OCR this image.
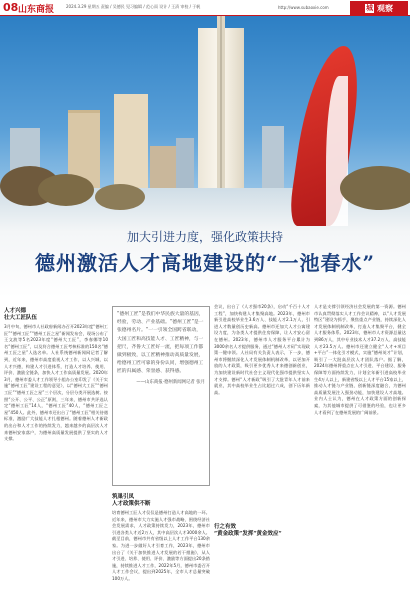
08 山东商报	2024.3.29 星期五 责编 / 吴德民 见习编辑 / 范心雨 设计 / 王清 审校 / 于帆	http://www.subaoxie.com	城 观察
加大引进力度，强化政策扶持
德州激活人才高地建设的“一池春水”
人才兴德
壮大工匠队伍
3月中旬，德州市人社政府新闻办召开2023年度“德州工匠”“德州工匠”“德州工匠之星”新闻发布会，现场公布了王文波等5名2023年度“德州大工匠”，李春娜等10名“德州工匠”，以及符合德州工匠考核标准的150名“德州工匠之星”人选名单。人社系统德州新闻网记者了解到，近年来，德州市高度重视人才工作，以人兴城，以人才兴德，构建人才引进体系，打造人才培养、使用、评价、激励全链条，加快人才工作高质量发展。2020年3月，德州市委人才工作领导小组办公室印发了《关于实施“德州工匠”建设工程的意见》，以“德州大工匠”“德州工匠”“德州工匠之星”三个层次，分层分类开展选树。按照“公开、公平、公正”原则，三年来，德州市共评选认定“德州工匠”14人，“德州工匠”40人，“德州工匠之星”450人。此外，德州市还出台了“德州工匠”相关待遇标准，激励广大技能人才扎根德州。随着德州人才新政的出台和人才工作的持续发力，越来越多的高层次人才来德州安家落户，为德州高质量发展提供了坚实的人才支撑。
“德州工匠”是我们中华民族大量的基因，经验，劳动、产业基础。“德州工匠”是一张德州名片。“一一引领全国跨省联动，大国工匠和高技能人才、工匠精神，与一把尺，齐鲁大工匠好一流，把每项工作都做到极致，以工匠精神推动高质量发展，给德州工匠可靠的身份认同，增强德州工匠的归属感、荣誉感、获得感。
——山东商报·德州新闻网记者 张月
筑巢引凤
人才政策供不断
培育德州工匠人才仅仅是德州打造人才高地的一环。近年来，德州市大力实施人才强市战略，围绕经济社会发展需求，人才政策持续发力，2023年，德州市引进各类人才近2万人，其中高层次人才3000余人。截至目前，德州市共有省级以上人才工作平台130余家。为进一步做好人才引育工作，2023年，德州市出台了《关于加快推进人才发展的若干措施》，从人才引进、培养、使用、评价、激励等方面提出20条措施，持续推进人才工作，2022年5月，德州市委召开人才工作会议，提出到2025年，全市人才总量突破100万人。
会议，出台了《人才强市20条》，启动“千百十人才工程”，加快构建人才集聚高地。2023年，德州市新引进高校毕业生3.6万人、技能人才2.1万人，引进人才数量创历史新高。德州市还加大人才公寓建设力度，为各类人才提供住房保障，让人才安心留在德州。2023年，德州市人才服务平台累计为3000余名人才提供服务，通过“德州人才码”实现政策一键申领。人社局有关负责人表示，下一步，德州市将继续深化人才发展体制机制改革，以更加开放的人才政策，吸引更多优秀人才来德创新创业，为加快建设新时代社会主义现代化强市提供坚实人才支撑。德州“人才新政”吸引了大批青年人才前来就业，其中高校毕业生占比超过六成，创下历年新高。
行之有效
“黄金政策”发挥“黄金效应”
人才是支撑引领经济社会发展的第一资源。德州市认真贯彻落实人才工作会议精神，以“人才发展特区”建设为抓手，聚焦重点产业链，持续深化人才发展体制机制改革，打造人才集聚平台，健全人才服务体系。2023年，德州市人才资源总量达到86万人，其中专业技术人才37.2万人、高技能人才23.5万人。德州市还建立健全“人才+项目+平台”一体化引才模式，实施“德州英才”计划，吸引了一大批高层次人才团队落户。据了解，2024年德州将重点在人才引进、平台建设、服务保障等方面持续发力，计划全年新引进高校毕业生4万人以上，新建省级以上人才平台15家以上，推动人才链与产业链、创新链深度融合，为德州高质量发展注入强劲动能，加快建设人才高地。业内人士认为，德州在人才政策方面的创新探索，为其他城市提供了可借鉴的经验，也让更多人才看到了在德州发展的广阔前景。
